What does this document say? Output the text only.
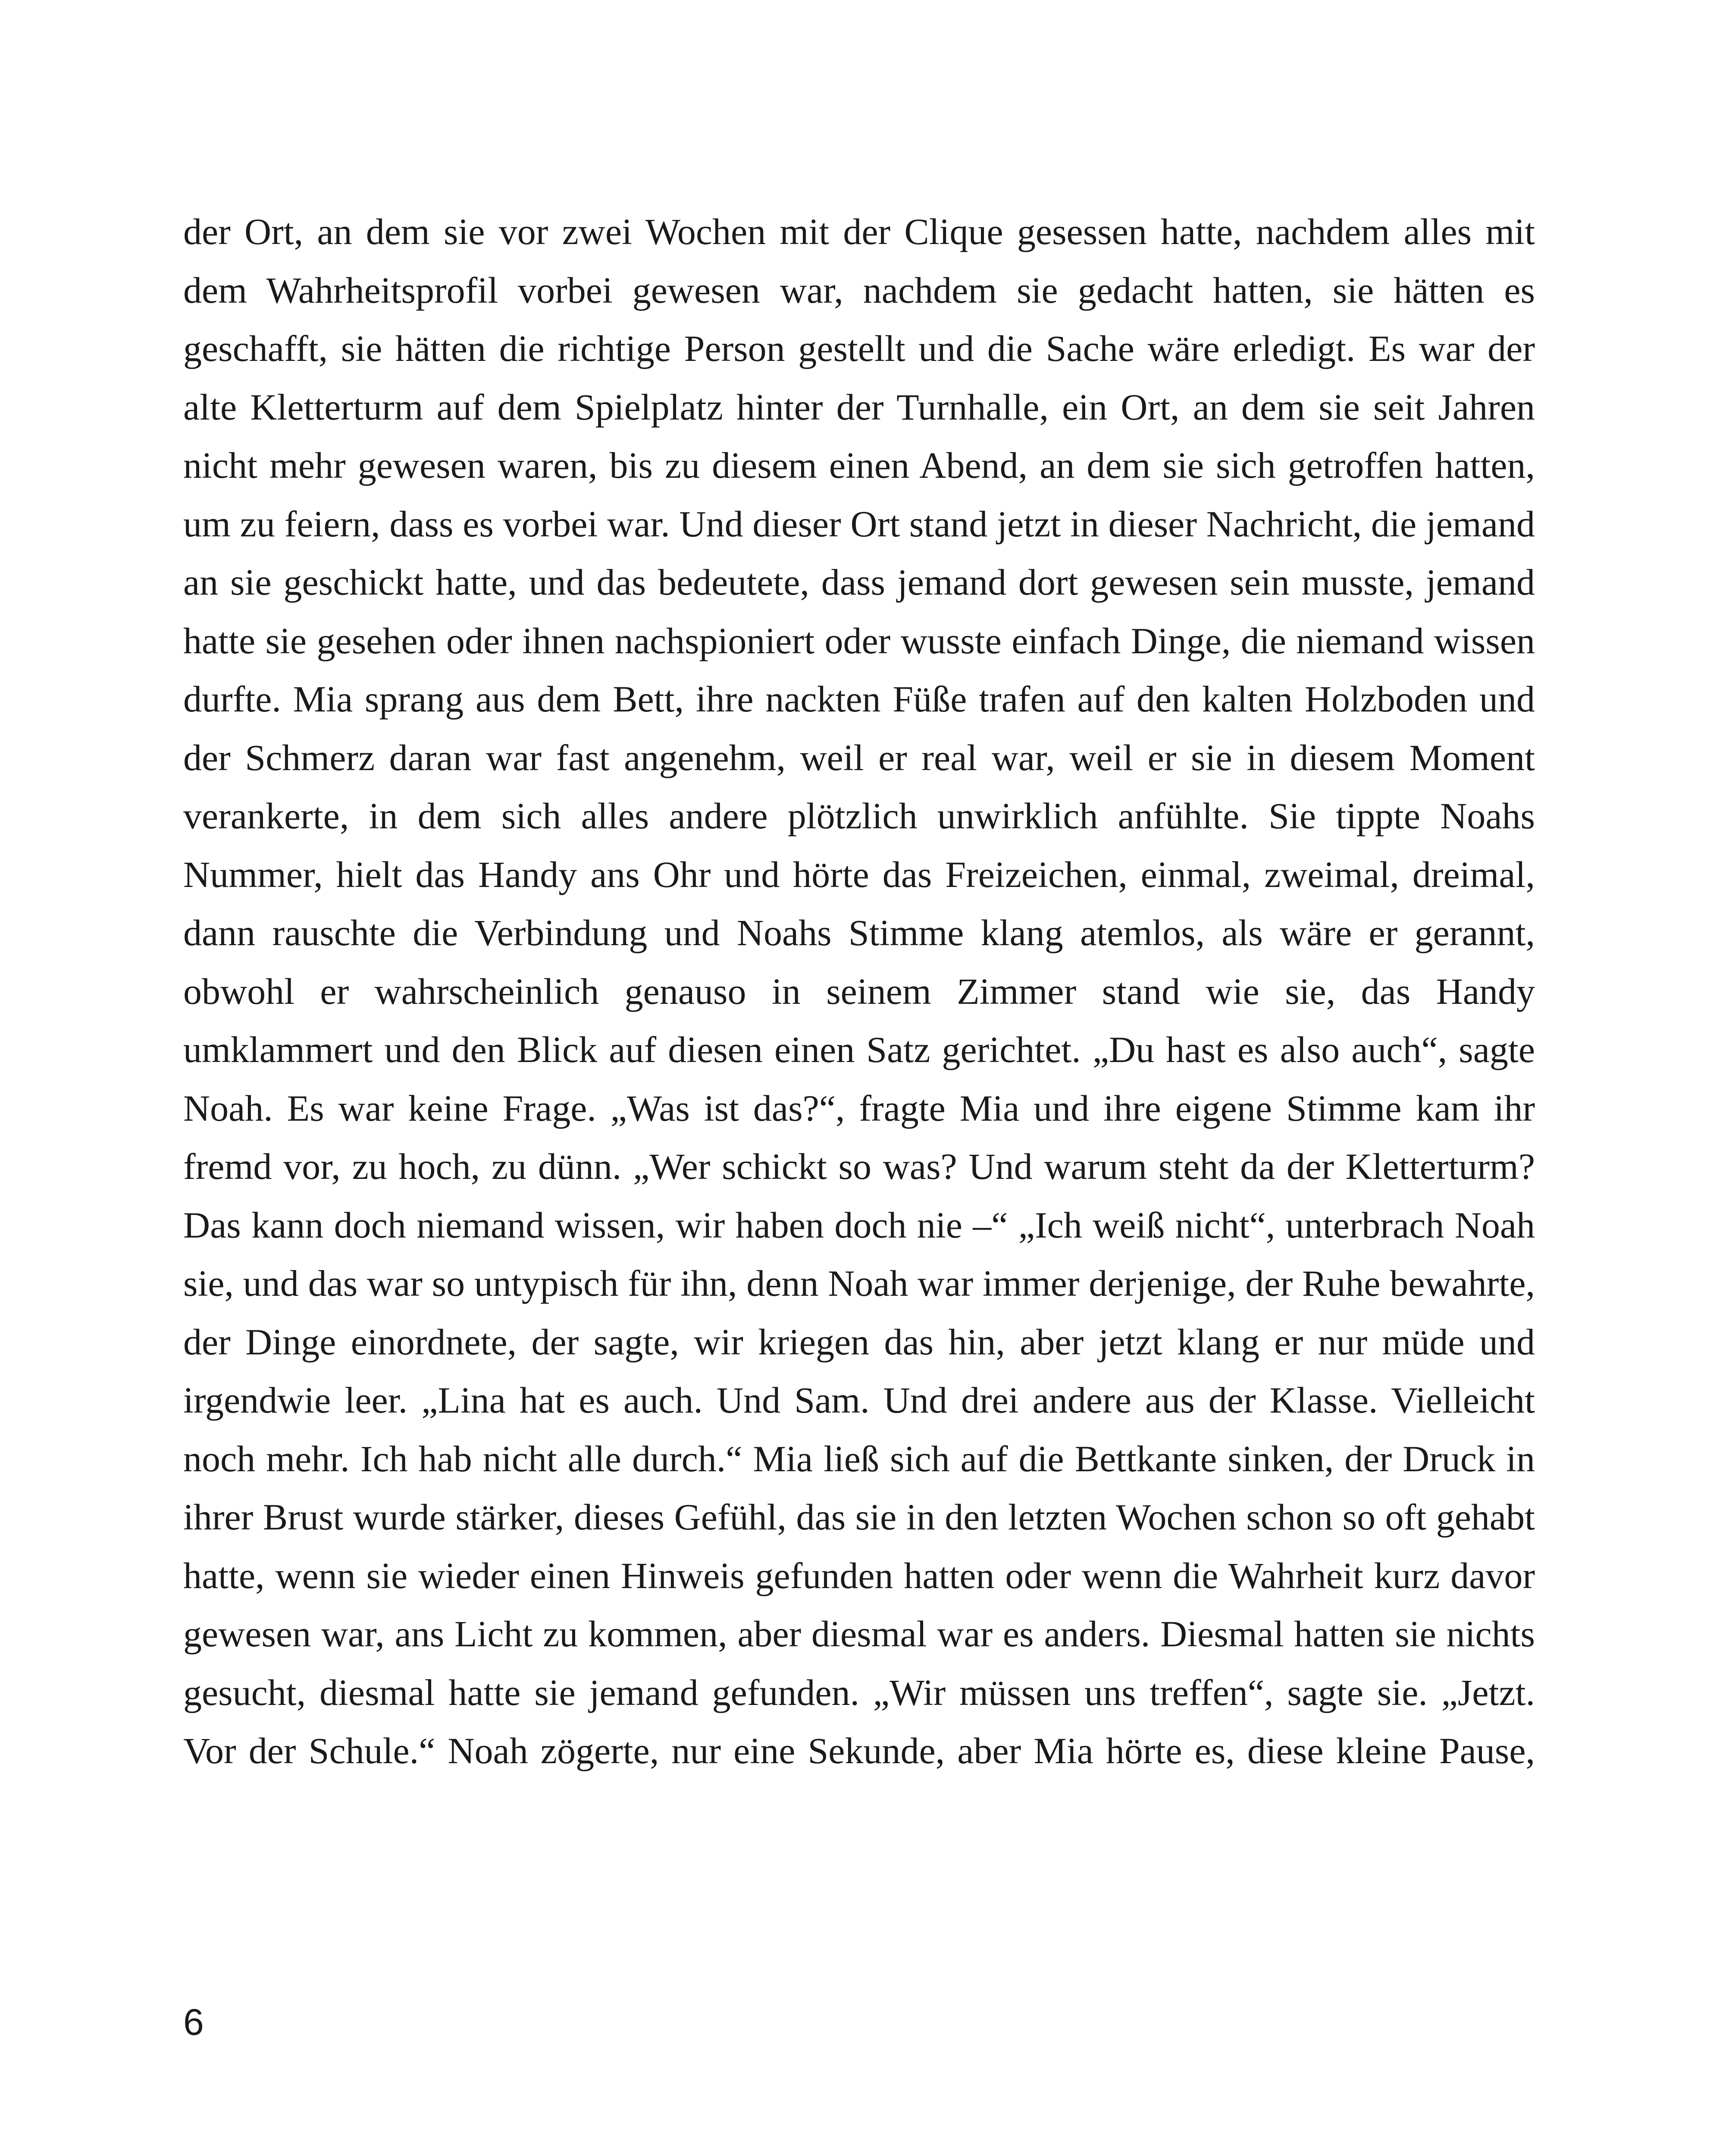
der Ort, an dem sie vor zwei Wochen mit der Clique gesessen hatte, nachdem alles mit dem Wahrheitsprofil vorbei gewesen war, nachdem sie gedacht hatten, sie hätten es geschafft, sie hätten die richtige Person gestellt und die Sache wäre erledigt. Es war der alte Kletterturm auf dem Spielplatz hinter der Turnhalle, ein Ort, an dem sie seit Jahren nicht mehr gewesen waren, bis zu diesem einen Abend, an dem sie sich getroffen hatten, um zu feiern, dass es vorbei war. Und dieser Ort stand jetzt in dieser Nachricht, die jemand an sie geschickt hatte, und das bedeutete, dass jemand dort gewesen sein musste, jemand hatte sie gesehen oder ihnen nachspioniert oder wusste einfach Dinge, die niemand wissen durfte. Mia sprang aus dem Bett, ihre nackten Füße trafen auf den kalten Holzboden und der Schmerz daran war fast angenehm, weil er real war, weil er sie in diesem Moment verankerte, in dem sich alles andere plötzlich unwirklich anfühlte. Sie tippte Noahs Nummer, hielt das Handy ans Ohr und hörte das Freizeichen, einmal, zweimal, dreimal, dann rauschte die Verbindung und Noahs Stimme klang atemlos, als wäre er gerannt, obwohl er wahrscheinlich genauso in seinem Zimmer stand wie sie, das Handy umklammert und den Blick auf diesen einen Satz gerichtet. „Du hast es also auch“, sagte Noah. Es war keine Frage. „Was ist das?“, fragte Mia und ihre eigene Stimme kam ihr fremd vor, zu hoch, zu dünn. „Wer schickt so was? Und warum steht da der Kletterturm? Das kann doch niemand wissen, wir haben doch nie –“ „Ich weiß nicht“, unterbrach Noah sie, und das war so untypisch für ihn, denn Noah war immer derjenige, der Ruhe bewahrte, der Dinge einordnete, der sagte, wir kriegen das hin, aber jetzt klang er nur müde und irgendwie leer. „Lina hat es auch. Und Sam. Und drei andere aus der Klasse. Vielleicht noch mehr. Ich hab nicht alle durch.“ Mia ließ sich auf die Bettkante sinken, der Druck in ihrer Brust wurde stärker, dieses Gefühl, das sie in den letzten Wochen schon so oft gehabt hatte, wenn sie wieder einen Hinweis gefunden hatten oder wenn die Wahrheit kurz davor gewesen war, ans Licht zu kommen, aber diesmal war es anders. Diesmal hatten sie nichts gesucht, diesmal hatte sie jemand gefunden. „Wir müssen uns treffen“, sagte sie. „Jetzt. Vor der Schule.“ Noah zögerte, nur eine Sekunde, aber Mia hörte es, diese kleine Pause,

6
